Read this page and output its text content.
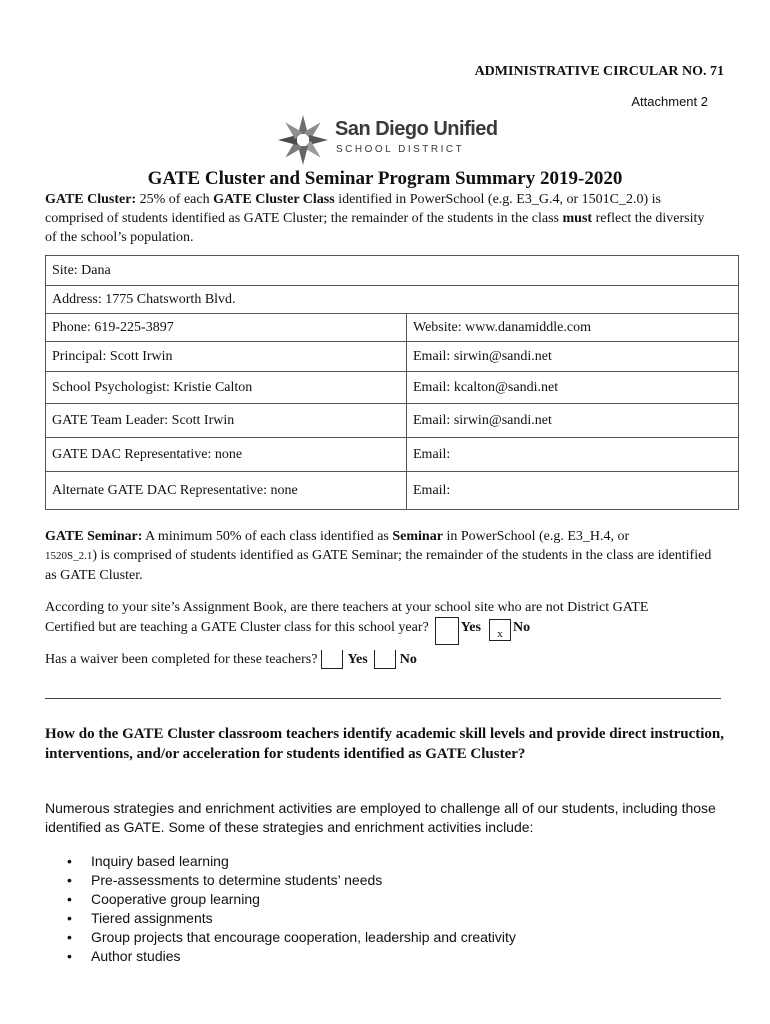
ADMINISTRATIVE CIRCULAR NO. 71
Attachment 2
San Diego Unified
SCHOOL DISTRICT
GATE Cluster and Seminar Program Summary 2019-2020
GATE Cluster: 25% of each GATE Cluster Class identified in PowerSchool (e.g. E3_G.4, or 1501C_2.0) is comprised of students identified as GATE Cluster; the remainder of the students in the class must reflect the diversity of the school’s population.
Site: Dana	
Address: 1775 Chatsworth Blvd.	
Phone: 619-225-3897	Website: www.danamiddle.com
Principal: Scott Irwin	Email: sirwin@sandi.net
School Psychologist: Kristie Calton	Email: kcalton@sandi.net
GATE Team Leader: Scott Irwin	Email: sirwin@sandi.net
GATE DAC Representative: none	Email:
Alternate GATE DAC Representative: none	Email:
GATE Seminar: A minimum 50% of each class identified as Seminar in PowerSchool (e.g. E3_H.4, or
1520S_2.1) is comprised of students identified as GATE Seminar; the remainder of the students in the class are identified as GATE Cluster.
According to your site’s Assignment Book, are there teachers at your school site who are not District GATE
Certified but are teaching a GATE Cluster class for this school year? Yes x No
Has a waiver been completed for these teachers? Yes No
How do the GATE Cluster classroom teachers identify academic skill levels and provide direct instruction, interventions, and/or acceleration for students identified as GATE Cluster?
Numerous strategies and enrichment activities are employed to challenge all of our students, including those identified as GATE. Some of these strategies and enrichment activities include:
• Inquiry based learning
• Pre-assessments to determine students’ needs
• Cooperative group learning
• Tiered assignments
• Group projects that encourage cooperation, leadership and creativity
• Author studies
